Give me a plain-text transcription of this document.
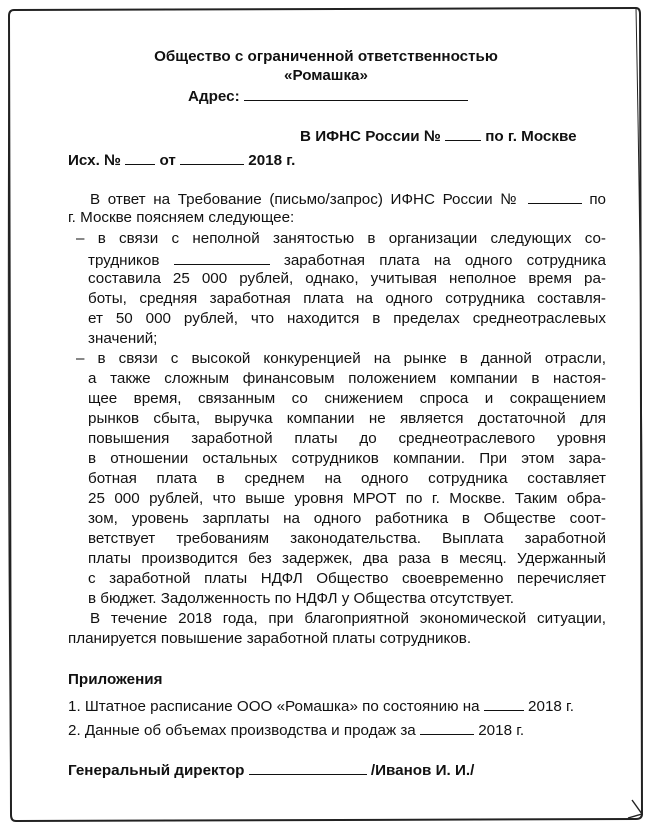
Общество с ограниченной ответственностью
«Ромашка»
Адрес:
В ИФНС России №	по г. Москве
Исх. №	от	2018 г.
В ответ на Требование (письмо/запрос) ИФНС России №	по
г. Москве поясняем следующее:
– в связи с неполной занятостью в организации следующих со-
трудников	заработная плата на одного сотрудника
составила 25 000 рублей, однако, учитывая неполное время ра-
боты, средняя заработная плата на одного сотрудника составля-
ет 50 000 рублей, что находится в пределах среднеотраслевых
значений;
– в связи с высокой конкуренцией на рынке в данной отрасли,
а также сложным финансовым положением компании в настоя-
щее время, связанным со снижением спроса и сокращением
рынков сбыта, выручка компании не является достаточной для
повышения заработной платы до среднеотраслевого уровня
в отношении остальных сотрудников компании. При этом зара-
ботная плата в среднем на одного сотрудника составляет
25 000 рублей, что выше уровня МРОТ по г. Москве. Таким обра-
зом, уровень зарплаты на одного работника в Обществе соот-
ветствует требованиям законодательства. Выплата заработной
платы производится без задержек, два раза в месяц. Удержанный
с заработной платы НДФЛ Общество своевременно перечисляет
в бюджет. Задолженность по НДФЛ у Общества отсутствует.
В течение 2018 года, при благоприятной экономической ситуации,
планируется повышение заработной платы сотрудников.
Приложения
1. Штатное расписание ООО «Ромашка» по состоянию на	2018 г.
2. Данные об объемах производства и продаж за	2018 г.
Генеральный директор	/Иванов И. И./
